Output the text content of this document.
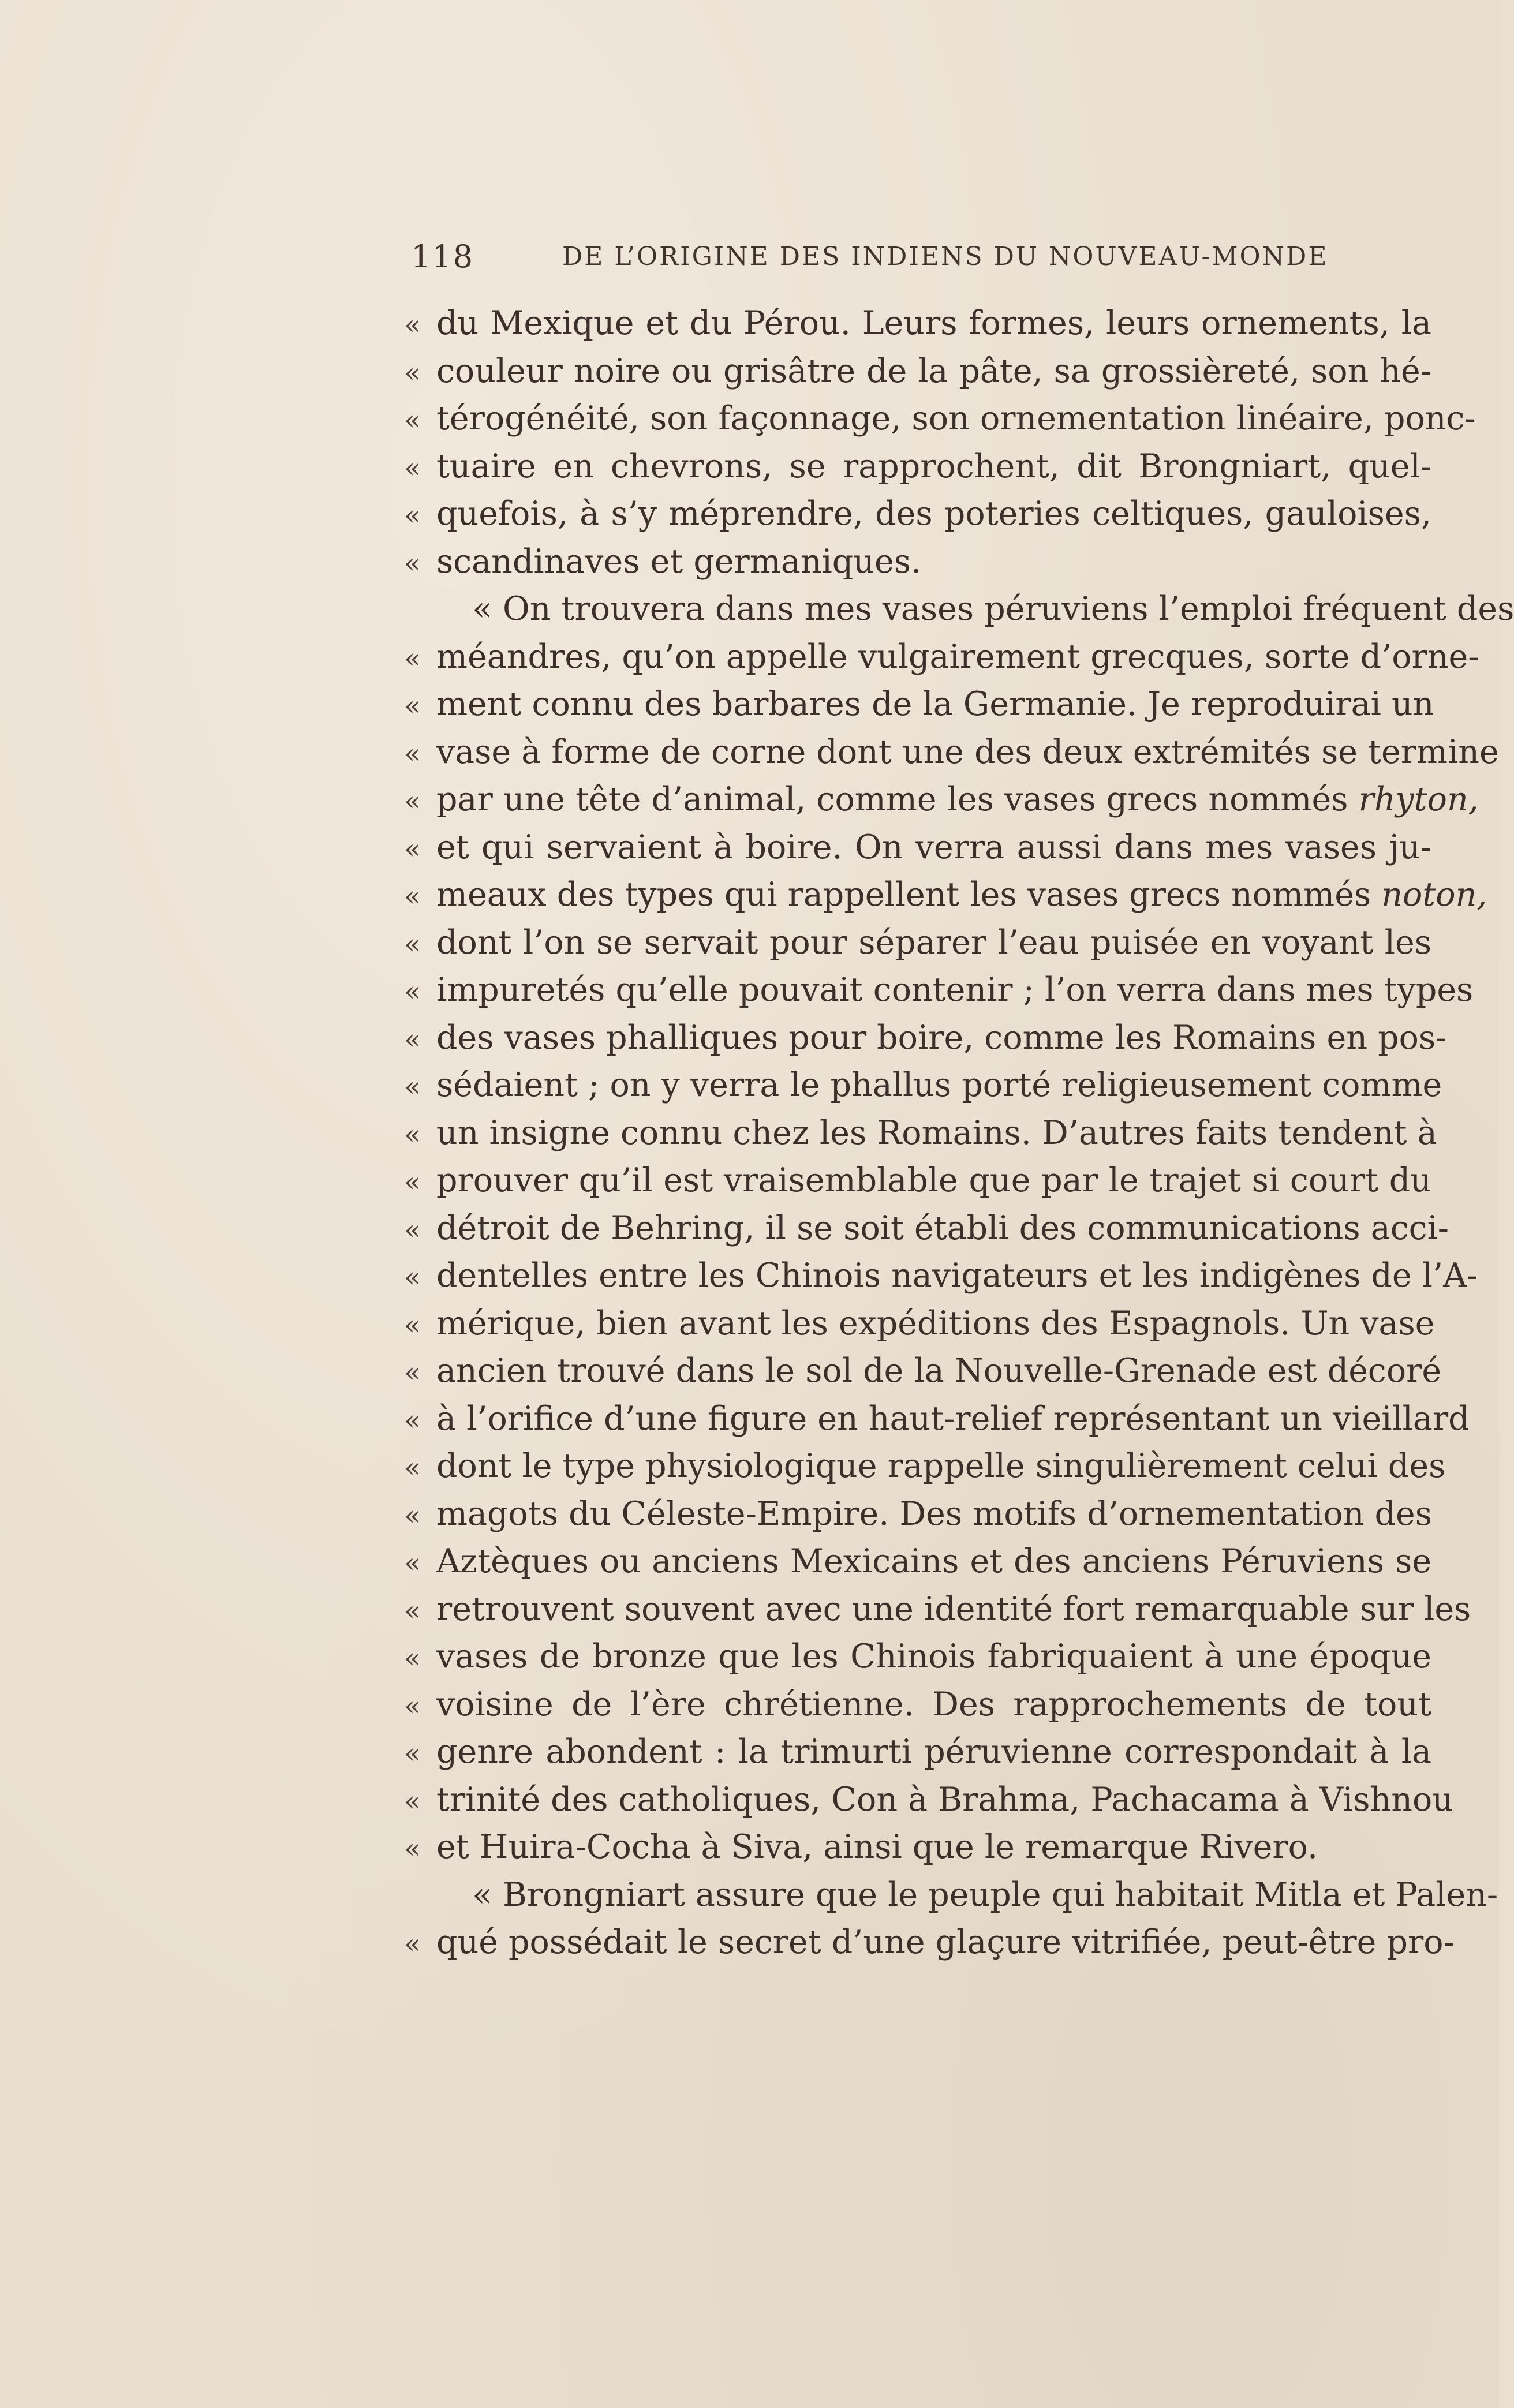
118	DE L’ORIGINE DES INDIENS DU NOUVEAU-MONDE
« du Mexique et du Pérou. Leurs formes, leurs ornements, la
« couleur noire ou grisâtre de la pâte, sa grossièreté, son hé-
« térogénéité, son façonnage, son ornementation linéaire, ponc-
« tuaire en chevrons, se rapprochent, dit Brongniart, quel-
« quefois, à s’y méprendre, des poteries celtiques, gauloises,
« scandinaves et germaniques.
« On trouvera dans mes vases péruviens l’emploi fréquent des
« méandres, qu’on appelle vulgairement grecques, sorte d’orne-
« ment connu des barbares de la Germanie. Je reproduirai un
« vase à forme de corne dont une des deux extrémités se termine
« par une tête d’animal, comme les vases grecs nommés rhyton,
« et qui servaient à boire. On verra aussi dans mes vases ju-
« meaux des types qui rappellent les vases grecs nommés noton,
« dont l’on se servait pour séparer l’eau puisée en voyant les
« impuretés qu’elle pouvait contenir ; l’on verra dans mes types
« des vases phalliques pour boire, comme les Romains en pos-
« sédaient ; on y verra le phallus porté religieusement comme
« un insigne connu chez les Romains. D’autres faits tendent à
« prouver qu’il est vraisemblable que par le trajet si court du
« détroit de Behring, il se soit établi des communications acci-
« dentelles entre les Chinois navigateurs et les indigènes de l’A-
« mérique, bien avant les expéditions des Espagnols. Un vase
« ancien trouvé dans le sol de la Nouvelle-Grenade est décoré
« à l’orifice d’une figure en haut-relief représentant un vieillard
« dont le type physiologique rappelle singulièrement celui des
« magots du Céleste-Empire. Des motifs d’ornementation des
« Aztèques ou anciens Mexicains et des anciens Péruviens se
« retrouvent souvent avec une identité fort remarquable sur les
« vases de bronze que les Chinois fabriquaient à une époque
« voisine de l’ère chrétienne. Des rapprochements de tout
« genre abondent : la trimurti péruvienne correspondait à la
« trinité des catholiques, Con à Brahma, Pachacama à Vishnou
« et Huira-Cocha à Siva, ainsi que le remarque Rivero.
« Brongniart assure que le peuple qui habitait Mitla et Palen-
« qué possédait le secret d’une glaçure vitrifiée, peut-être pro-
